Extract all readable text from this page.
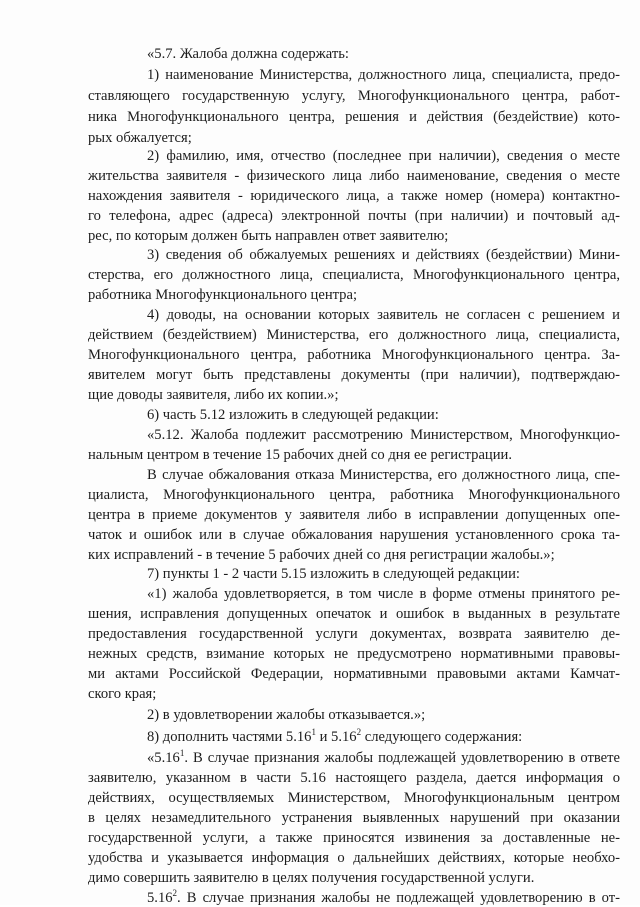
«5.7. Жалоба должна содержать:
1) наименование Министерства, должностного лица, специалиста, предо-
ставляющего государственную услугу, Многофункционального центра, работ-
ника Многофункционального центра, решения и действия (бездействие) кото-
рых обжалуется;
2) фамилию, имя, отчество (последнее при наличии), сведения о месте
жительства заявителя - физического лица либо наименование, сведения о месте
нахождения заявителя - юридического лица, а также номер (номера) контактно-
го телефона, адрес (адреса) электронной почты (при наличии) и почтовый ад-
рес, по которым должен быть направлен ответ заявителю;
3) сведения об обжалуемых решениях и действиях (бездействии) Мини-
стерства, его должностного лица, специалиста, Многофункционального центра,
работника Многофункционального центра;
4) доводы, на основании которых заявитель не согласен с решением и
действием (бездействием) Министерства, его должностного лица, специалиста,
Многофункционального центра, работника Многофункционального центра. За-
явителем могут быть представлены документы (при наличии), подтверждаю-
щие доводы заявителя, либо их копии.»;
6) часть 5.12 изложить в следующей редакции:
«5.12. Жалоба подлежит рассмотрению Министерством, Многофункцио-
нальным центром в течение 15 рабочих дней со дня ее регистрации.
В случае обжалования отказа Министерства, его должностного лица, спе-
циалиста, Многофункционального центра, работника Многофункционального
центра в приеме документов у заявителя либо в исправлении допущенных опе-
чаток и ошибок или в случае обжалования нарушения установленного срока та-
ких исправлений - в течение 5 рабочих дней со дня регистрации жалобы.»;
7) пункты 1 - 2 части 5.15 изложить в следующей редакции:
«1) жалоба удовлетворяется, в том числе в форме отмены принятого ре-
шения, исправления допущенных опечаток и ошибок в выданных в результате
предоставления государственной услуги документах, возврата заявителю де-
нежных средств, взимание которых не предусмотрено нормативными правовы-
ми актами Российской Федерации, нормативными правовыми актами Камчат-
ского края;
2) в удовлетворении жалобы отказывается.»;
8) дополнить частями 5.16$^1$ и 5.16$^2$ следующего содержания:
«5.16$^1$. В случае признания жалобы подлежащей удовлетворению в ответе
заявителю, указанном в части 5.16 настоящего раздела, дается информация о
действиях, осуществляемых Министерством, Многофункциональным центром
в целях незамедлительного устранения выявленных нарушений при оказании
государственной услуги, а также приносятся извинения за доставленные не-
удобства и указывается информация о дальнейших действиях, которые необхо-
димо совершить заявителю в целях получения государственной услуги.
5.16$^2$. В случае признания жалобы не подлежащей удовлетворению в от-
